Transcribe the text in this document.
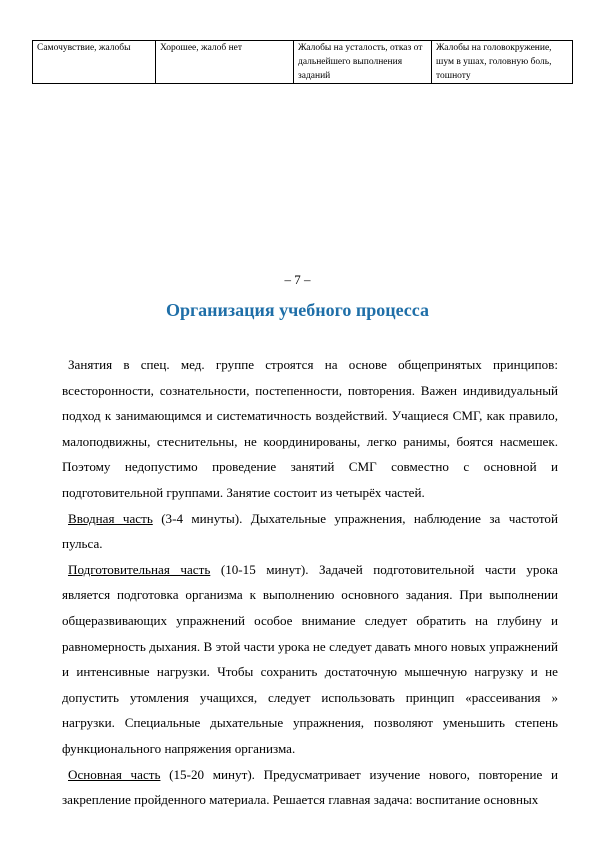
Самочувствие, жалобы	Хорошее, жалоб нет	Жалобы на усталость, отказ от дальнейшего выполнения заданий	Жалобы на головокружение, шум в ушах, головную боль, тошноту
– 7 –
Организация учебного процесса

Занятия в спец. мед. группе строятся на основе общепринятых принципов: всесторонности, сознательности, постепенности, повторения. Важен индивидуальный подход к занимающимся и систематичность воздействий. Учащиеся СМГ, как правило, малоподвижны, стеснительны, не координированы, легко ранимы, боятся насмешек. Поэтому недопустимо проведение занятий СМГ совместно с основной и подготовительной группами. Занятие состоит из четырёх частей.

Вводная часть (3-4 минуты). Дыхательные упражнения, наблюдение за частотой пульса.

Подготовительная часть (10-15 минут). Задачей подготовительной части урока является подготовка организма к выполнению основного задания. При выполнении общеразвивающих упражнений особое внимание следует обратить на глубину и равномерность дыхания. В этой части урока не следует давать много новых упражнений и интенсивные нагрузки. Чтобы сохранить достаточную мышечную нагрузку и не допустить утомления учащихся, следует использовать принцип «рассеивания » нагрузки. Специальные дыхательные упражнения, позволяют уменьшить степень функционального напряжения организма.

Основная часть (15-20 минут). Предусматривает изучение нового, повторение и закрепление пройденного материала. Решается главная задача: воспитание основных
